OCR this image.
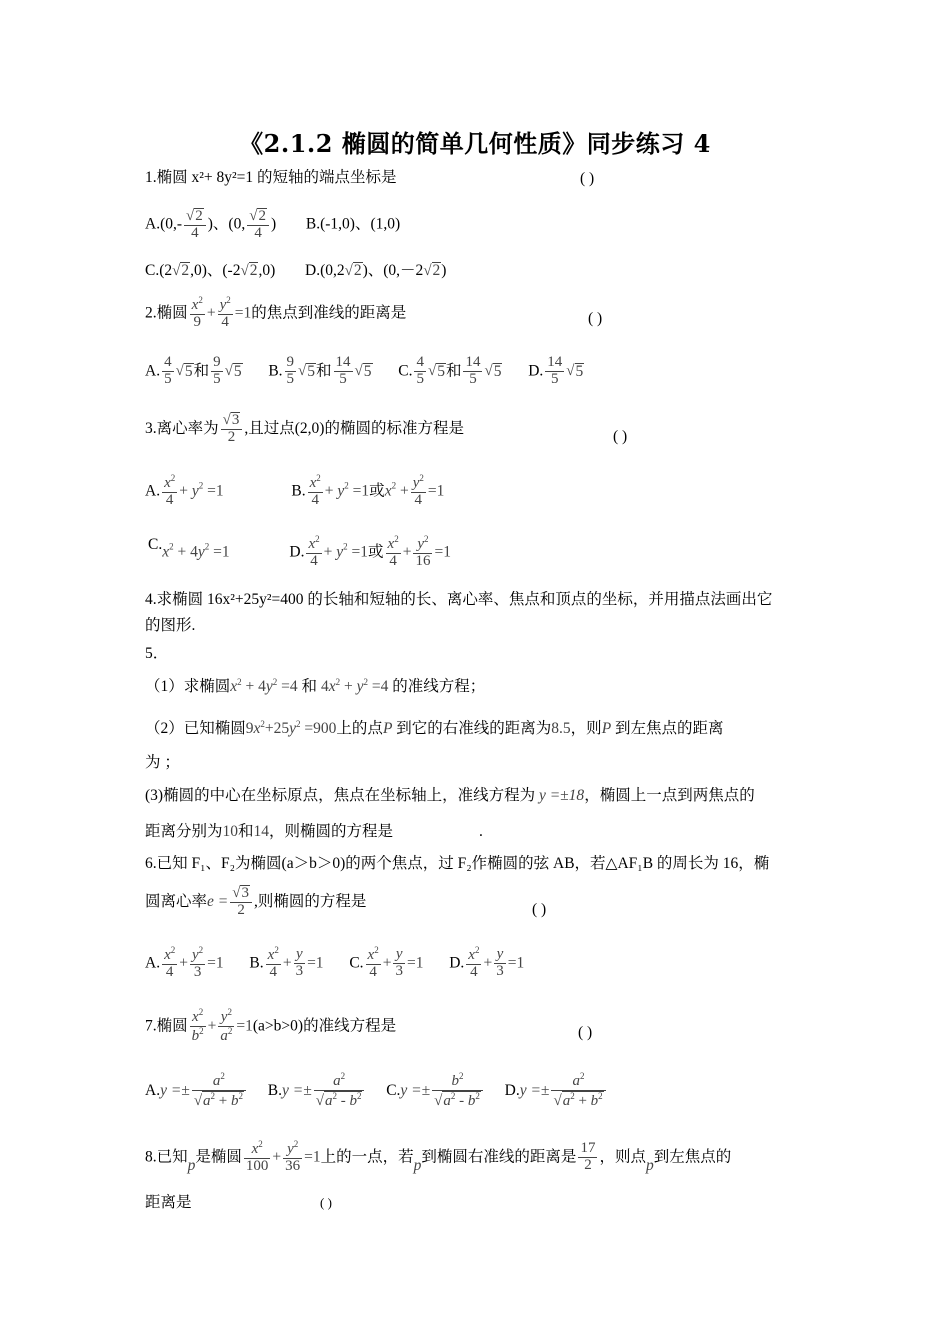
《2.1.2 椭圆的简单几何性质》同步练习 4
1.椭圆 x²+ 8y²=1 的短轴的端点坐标是	( )
$A.(0,- \frac{√2}{4}$ )、(0, $\frac{√2}{4}$ ) B.(-1,0)、(1,0)
C.(2√2,0)、(-2√2,0) D.(0,2√2)、(0,－2√2)
2.椭圆 $\frac{x^2}{9} + \frac{y^2}{4} =1$的焦点到准线的距离是	( )
A. $\frac{4}{5} √5$和 $\frac{9}{5} √5$ B. $\frac{9}{5} √5$和 $\frac{14}{5} √5$ C. $\frac{4}{5} √5$和 $\frac{14}{5} √5$ D. $\frac{14}{5} √5$
3.离心率为 $\frac{√3}{2}$ ,且过点(2,0)的椭圆的标准方程是	( )
A. $\frac{x^2}{4} + y^2 =1$	B. $\frac{x^2}{4} + y^2 =1$或$x^2 + \frac{y^2}{4} =1$
$C.x^2 + 4y^2 =1$	D. $\frac{x^2}{4} + y^2 =1$或 $\frac{x^2}{4} + \frac{y^2}{16} =1$
4.求椭圆 16x²+25y²=400 的长轴和短轴的长、离心率、焦点和顶点的坐标，并用描点法画出它
的图形.
5．
（1）求椭圆$x^2 + 4y^2 =4$ 和 $4x^2 + y^2 =4$ 的准线方程；
（2）已知椭圆$9x^2+25y^2 =900$上的点P 到它的右准线的距离为8.5，则P 到左焦点的距离
为 ；
(3)椭圆的中心在坐标原点，焦点在坐标轴上，准线方程为 y =±18，椭圆上一点到两焦点的
距离分别为10和14，则椭圆的方程是	.
6.已知 F₁、F₂为椭圆(a＞b＞0)的两个焦点，过 F₂作椭圆的弦 AB，若△AF₁B 的周长为 16，椭
圆离心率$e = \frac{√3}{2}$ ,则椭圆的方程是	( )
A. $\frac{x^2}{4} + \frac{y^2}{3} =1$ B. $\frac{x^2}{4} + \frac{y}{3} =1$ C. $\frac{x^2}{4} + \frac{y}{3} =1$ D. $\frac{x^2}{4} + \frac{y}{3} =1$
7.椭圆 $\frac{x^2}{b^2} + \frac{y^2}{a^2} =1(a>b>0)$的准线方程是	( )
$A.y =\pm \frac{a^2}{√a^2 + b^2} B.y =\pm \frac{a^2}{√a^2 - b^2} C.y =\pm \frac{b^2}{√a^2 - b^2} D.y =\pm \frac{a^2}{√a^2 + b^2}$
8.已知p是椭圆 $\frac{x^2}{100} + \frac{y^2}{36} =1$上的一点，若p到椭圆右准线的距离是 $\frac{17}{2}$ ，则点p到左焦点的
距离是	( )
